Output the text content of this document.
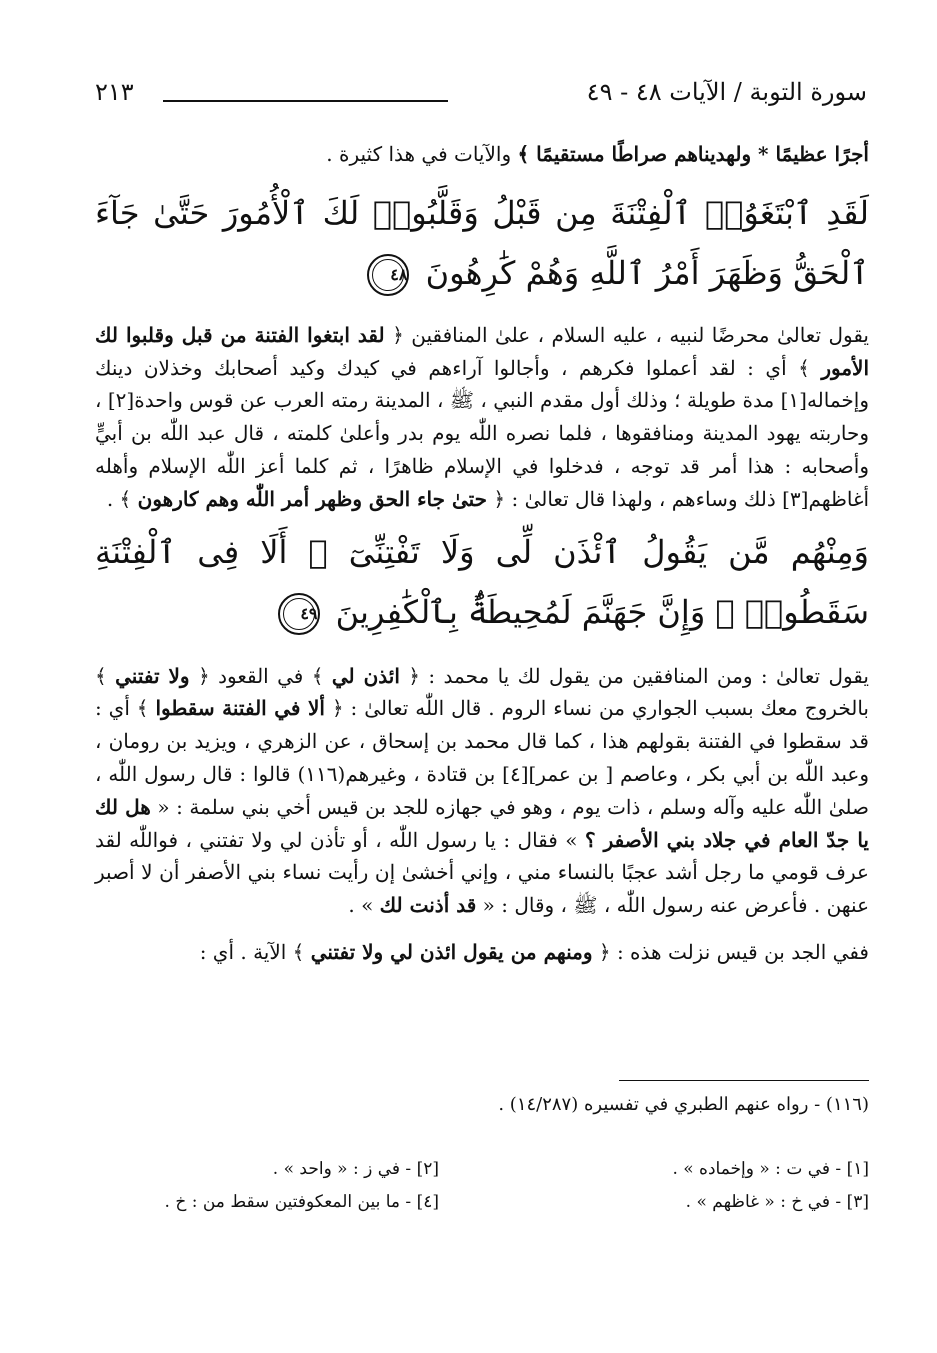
سورة التوبة / الآيات ٤٨ - ٤٩
٢١٣

أجرًا عظيمًا * ولهديناهم صراطًا مستقيمًا ﴾ والآيات في هذا كثيرة .

لَقَدِ ٱبْتَغَوُا۟ ٱلْفِتْنَةَ مِن قَبْلُ وَقَلَّبُوا۟ لَكَ ٱلْأُمُورَ حَتَّىٰ جَآءَ ٱلْحَقُّ وَظَهَرَ أَمْرُ ٱللَّهِ وَهُمْ كَٰرِهُونَ ٤٨

يقول تعالىٰ محرضًا لنبيه ، عليه السلام ، علىٰ المنافقين ﴿ لقد ابتغوا الفتنة من قبل وقلبوا لك الأمور ﴾ أي : لقد أعملوا فكرهم ، وأجالوا آراءهم في كيدك وكيد أصحابك وخذلان دينك وإخماله[١] مدة طويلة ؛ وذلك أول مقدم النبي ، ﷺ ، المدينة رمته العرب عن قوس واحدة[٢] ، وحاربته يهود المدينة ومنافقوها ، فلما نصره اللّٰه يوم بدر وأعلىٰ كلمته ، قال عبد اللّٰه بن أبيٍّ وأصحابه : هذا أمر قد توجه ، فدخلوا في الإسلام ظاهرًا ، ثم كلما أعز اللّٰه الإسلام وأهله أغاظهم[٣] ذلك وساءهم ، ولهذا قال تعالىٰ : ﴿ حتىٰ جاء الحق وظهر أمر اللّٰه وهم كارهون ﴾ .

وَمِنْهُم مَّن يَقُولُ ٱئْذَن لِّى وَلَا تَفْتِنِّىٓ ۚ أَلَا فِى ٱلْفِتْنَةِ سَقَطُوا۟ ۗ وَإِنَّ جَهَنَّمَ لَمُحِيطَةٌۢ بِٱلْكَٰفِرِينَ ٤٩

يقول تعالىٰ : ومن المنافقين من يقول لك يا محمد : ﴿ ائذن لي ﴾ في القعود ﴿ ولا تفتني ﴾ بالخروج معك بسبب الجواري من نساء الروم . قال اللّٰه تعالىٰ : ﴿ ألا في الفتنة سقطوا ﴾ أي : قد سقطوا في الفتنة بقولهم هذا ، كما قال محمد بن إسحاق ، عن الزهري ، ويزيد بن رومان ، وعبد اللّٰه بن أبي بكر ، وعاصم [ بن عمر][٤] بن قتادة ، وغيرهم(١١٦) قالوا : قال رسول اللّٰه ، صلىٰ اللّٰه عليه وآله وسلم ، ذات يوم ، وهو في جهازه للجد بن قيس أخي بني سلمة : « هل لك يا جدّ العام في جلاد بني الأصفر ؟ » فقال : يا رسول اللّٰه ، أو تأذن لي ولا تفتني ، فواللّٰه لقد عرف قومي ما رجل أشد عجبًا بالنساء مني ، وإني أخشىٰ إن رأيت نساء بني الأصفر أن لا أصبر عنهن . فأعرض عنه رسول اللّٰه ، ﷺ ، وقال : « قد أذنت لك » .

ففي الجد بن قيس نزلت هذه : ﴿ ومنهم من يقول ائذن لي ولا تفتني ﴾ الآية . أي :

(١١٦) - رواه عنهم الطبري في تفسيره (١٤/٢٨٧) .
[١] - في ت : « وإخماده » .
[٢] - في ز : « واحد » .
[٣] - في خ : « غاظهم » .
[٤] - ما بين المعكوفتين سقط من : خ .
